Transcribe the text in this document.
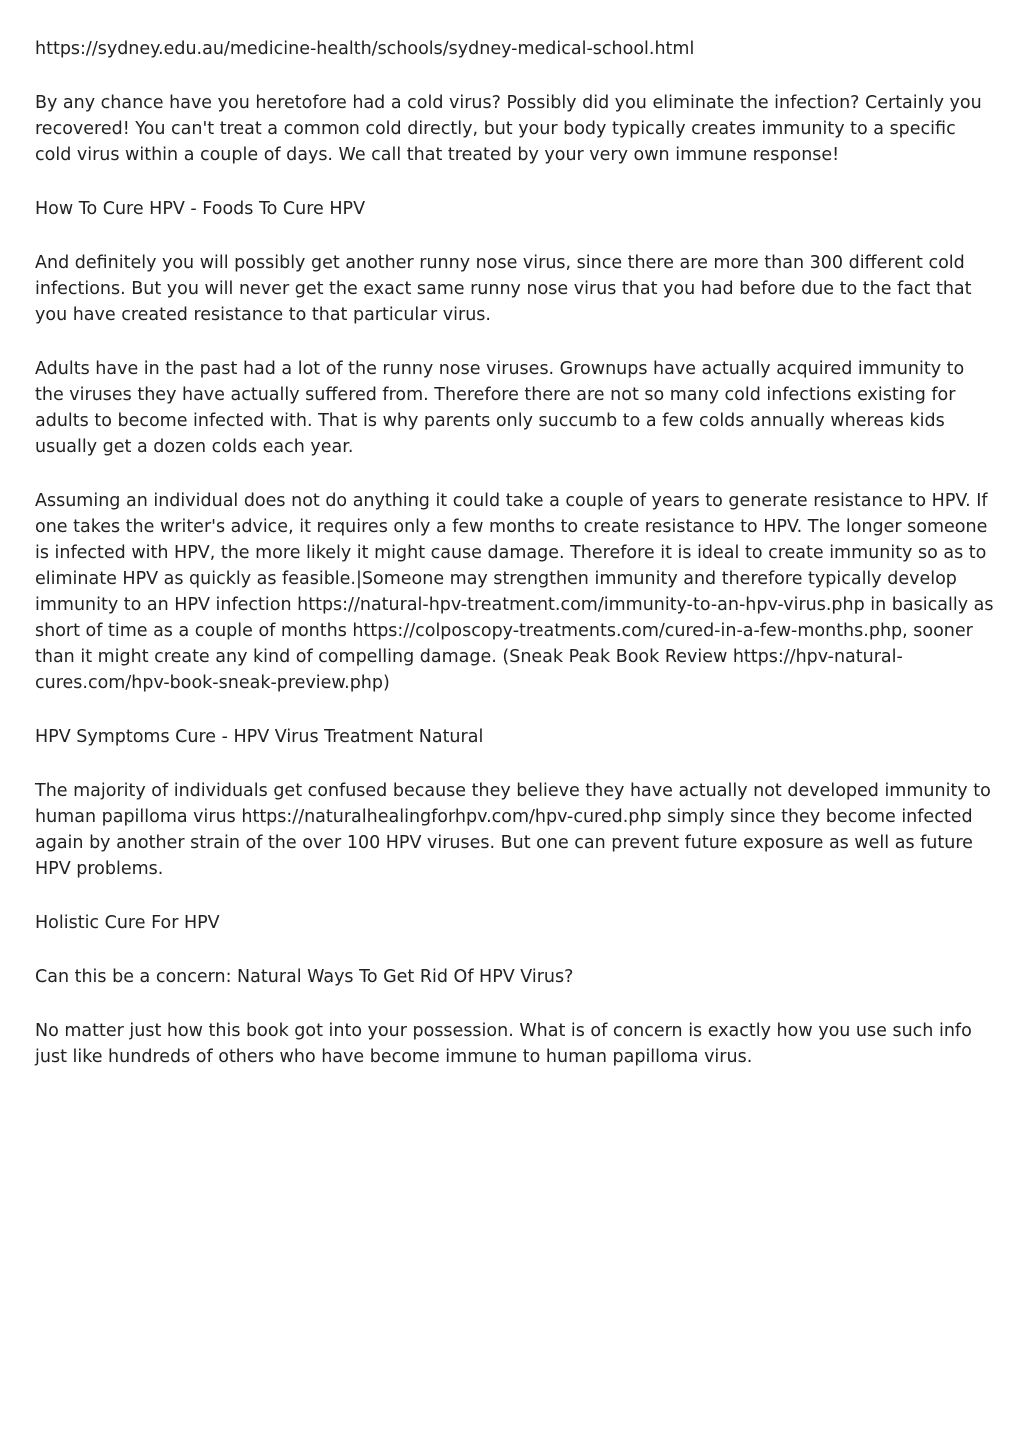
https://sydney.edu.au/medicine-health/schools/sydney-medical-school.html

By any chance have you heretofore had a cold virus? Possibly did you eliminate the infection? Certainly you recovered! You can't treat a common cold directly, but your body typically creates immunity to a specific cold virus within a couple of days. We call that treated by your very own immune response!

How To Cure HPV - Foods To Cure HPV

And definitely you will possibly get another runny nose virus, since there are more than 300 different cold infections. But you will never get the exact same runny nose virus that you had before due to the fact that you have created resistance to that particular virus.

Adults have in the past had a lot of the runny nose viruses. Grownups have actually acquired immunity to the viruses they have actually suffered from. Therefore there are not so many cold infections existing for adults to become infected with. That is why parents only succumb to a few colds annually whereas kids usually get a dozen colds each year.

Assuming an individual does not do anything it could take a couple of years to generate resistance to HPV. If one takes the writer's advice, it requires only a few months to create resistance to HPV. The longer someone is infected with HPV, the more likely it might cause damage. Therefore it is ideal to create immunity so as to eliminate HPV as quickly as feasible.|Someone may strengthen immunity and therefore typically develop immunity to an HPV infection https://natural-hpv-treatment.com/immunity-to-an-hpv-virus.php in basically as short of time as a couple of months https://colposcopy-treatments.com/cured-in-a-few-months.php, sooner than it might create any kind of compelling damage. (Sneak Peak Book Review https://hpv-natural-cures.com/hpv-book-sneak-preview.php)

HPV Symptoms Cure - HPV Virus Treatment Natural

The majority of individuals get confused because they believe they have actually not developed immunity to human papilloma virus https://naturalhealingforhpv.com/hpv-cured.php simply since they become infected again by another strain of the over 100 HPV viruses. But one can prevent future exposure as well as future HPV problems.

Holistic Cure For HPV

Can this be a concern: Natural Ways To Get Rid Of HPV Virus?

No matter just how this book got into your possession. What is of concern is exactly how you use such info just like hundreds of others who have become immune to human papilloma virus.
